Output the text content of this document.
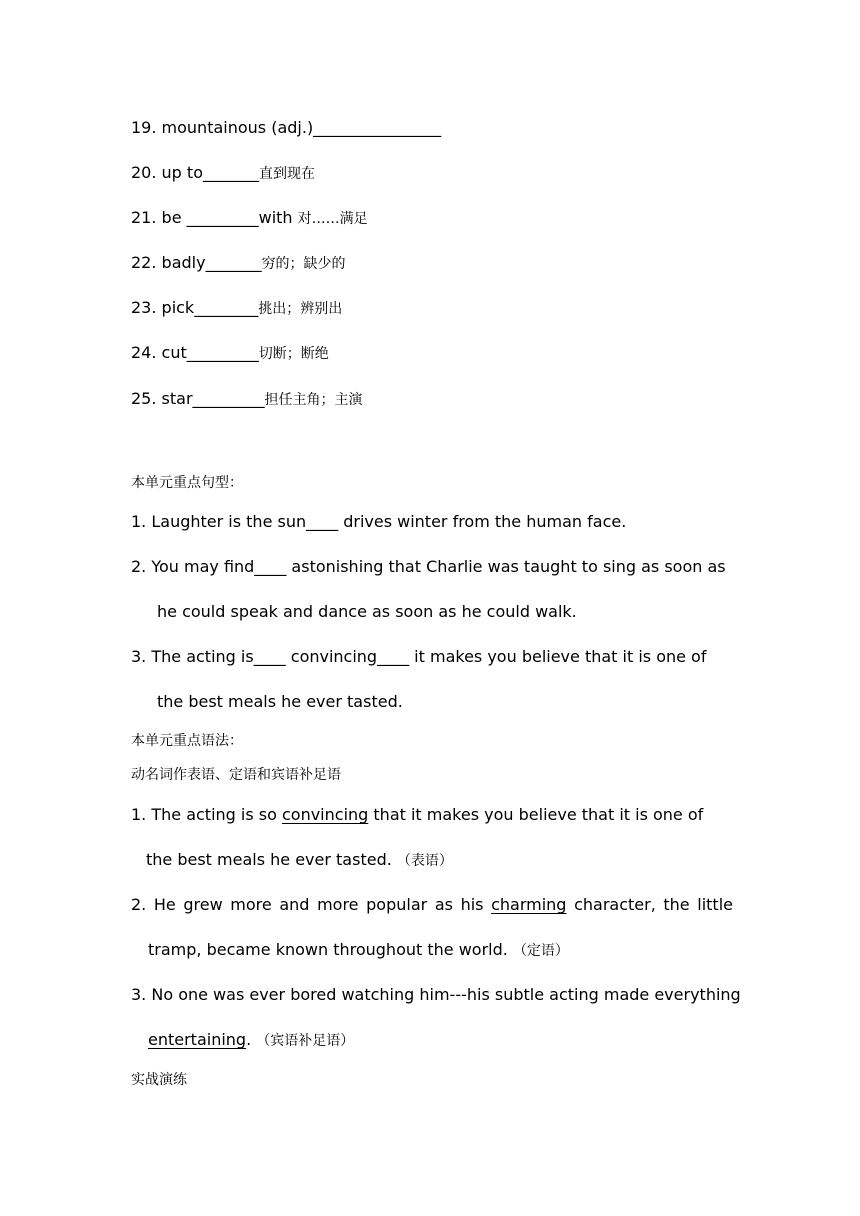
19. mountainous (adj.)________________
20. up to_______直到现在
21. be _________with 对……满足
22. badly_______穷的；缺少的
23. pick________挑出；辨别出
24. cut_________切断；断绝
25. star_________担任主角；主演
本单元重点句型：
1. Laughter is the sun____ drives winter from the human face.
2. You may find____ astonishing that Charlie was taught to sing as soon as
he could speak and dance as soon as he could walk.
3. The acting is____ convincing____ it makes you believe that it is one of
the best meals he ever tasted.
本单元重点语法：
动名词作表语、定语和宾语补足语
1. The acting is so convincing that it makes you believe that it is one of
the best meals he ever tasted. （表语）
2. He grew more and more popular as his charming character, the little
tramp, became known throughout the world. （定语）
3. No one was ever bored watching him---his subtle acting made everything
entertaining. （宾语补足语）
实战演练
